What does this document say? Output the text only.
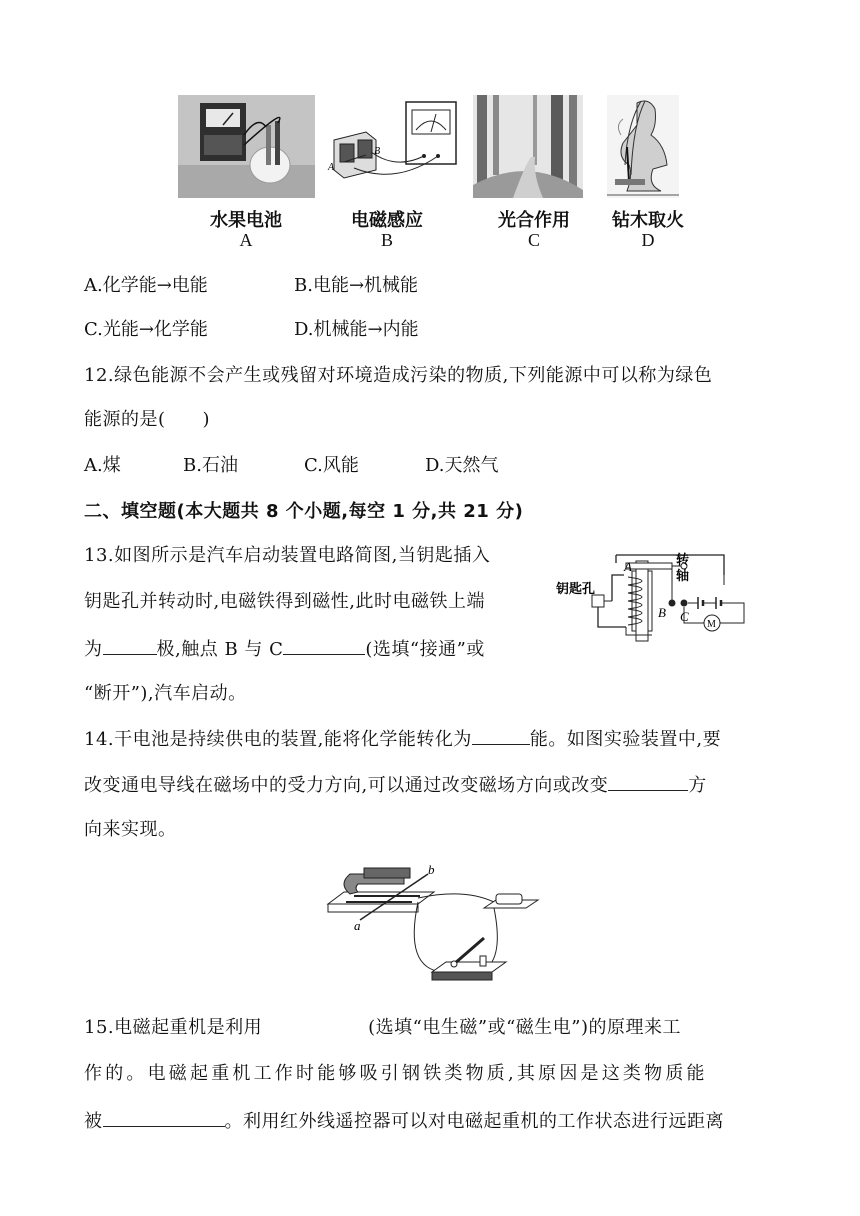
A
B
水果电池
A
电磁感应
B
光合作用
C
钻木取火
D
A.化学能→电能	B.电能→机械能
C.光能→化学能	D.机械能→内能
12.绿色能源不会产生或残留对环境造成污染的物质,下列能源中可以称为绿色
能源的是(　　)
A.煤	B.石油	C.风能	D.天然气
二、填空题(本大题共 8 个小题,每空 1 分,共 21 分)
13.如图所示是汽车启动装置电路简图,当钥匙插入
钥匙孔并转动时,电磁铁得到磁性,此时电磁铁上端
为	极,触点 B 与 C	(选填“接通”或
“断开”),汽车启动。
钥匙孔
转
轴
A
B C
M
14.干电池是持续供电的装置,能将化学能转化为	能。如图实验装置中,要
改变通电导线在磁场中的受力方向,可以通过改变磁场方向或改变	方
向来实现。
b
a
15.电磁起重机是利用	(选填“电生磁”或“磁生电”)的原理来工
作的。电磁起重机工作时能够吸引钢铁类物质,其原因是这类物质能
被	。利用红外线遥控器可以对电磁起重机的工作状态进行远距离
